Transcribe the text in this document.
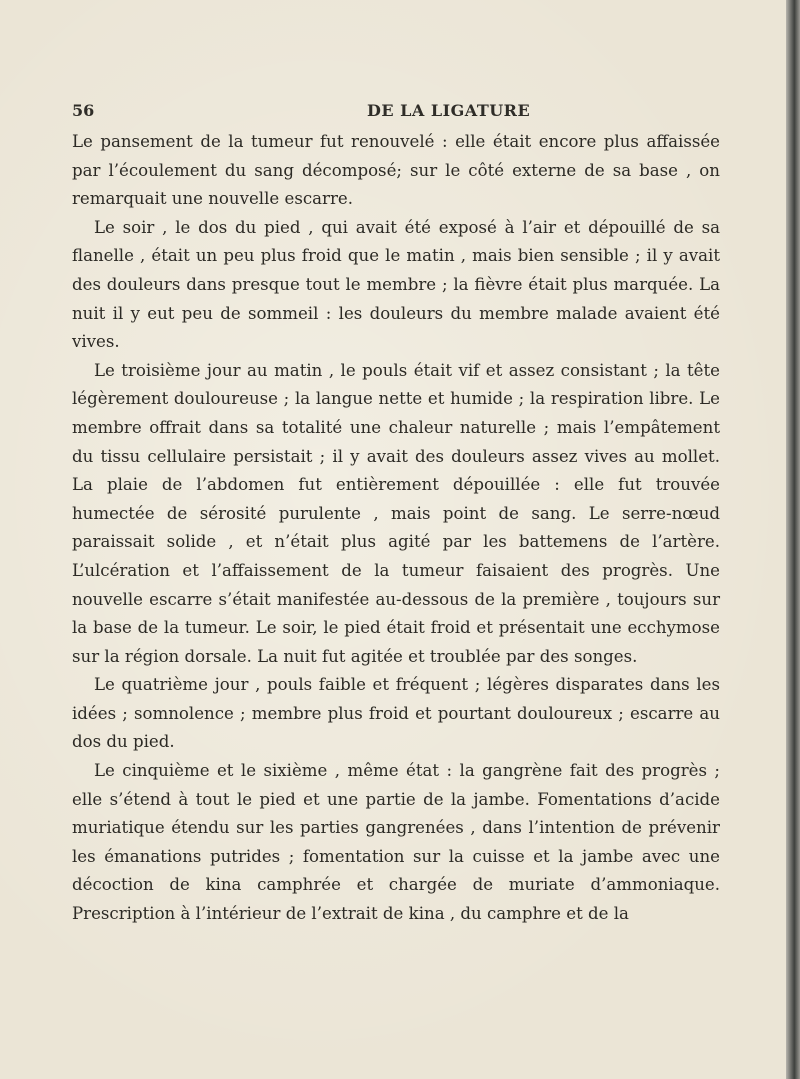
56	DE LA LIGATURE

Le pansement de la tumeur fut renouvelé : elle était encore plus affaissée par l’écoulement du sang décomposé; sur le côté externe de sa base , on remarquait une nouvelle escarre.

Le soir , le dos du pied , qui avait été exposé à l’air et dépouillé de sa flanelle , était un peu plus froid que le matin , mais bien sensible ; il y avait des douleurs dans presque tout le membre ; la fièvre était plus marquée. La nuit il y eut peu de sommeil : les douleurs du membre malade avaient été vives.

Le troisième jour au matin , le pouls était vif et assez consistant ; la tête légèrement douloureuse ; la langue nette et humide ; la respiration libre. Le membre offrait dans sa totalité une chaleur naturelle ; mais l’empâtement du tissu cellulaire persistait ; il y avait des douleurs assez vives au mollet. La plaie de l’abdomen fut entièrement dépouillée : elle fut trouvée humectée de sérosité purulente , mais point de sang. Le serre-nœud paraissait solide , et n’était plus agité par les battemens de l’artère. L’ulcération et l’affaissement de la tumeur faisaient des progrès. Une nouvelle escarre s’était manifestée au-dessous de la première , toujours sur la base de la tumeur. Le soir, le pied était froid et présentait une ecchymose sur la région dorsale. La nuit fut agitée et troublée par des songes.

Le quatrième jour , pouls faible et fréquent ; légères disparates dans les idées ; somnolence ; membre plus froid et pourtant douloureux ; escarre au dos du pied.

Le cinquième et le sixième , même état : la gangrène fait des progrès ; elle s’étend à tout le pied et une partie de la jambe. Fomentations d’acide muriatique étendu sur les parties gangrenées , dans l’intention de prévenir les émanations putrides ; fomentation sur la cuisse et la jambe avec une décoction de kina camphrée et chargée de muriate d’ammoniaque. Prescription à l’intérieur de l’extrait de kina , du camphre et de la
